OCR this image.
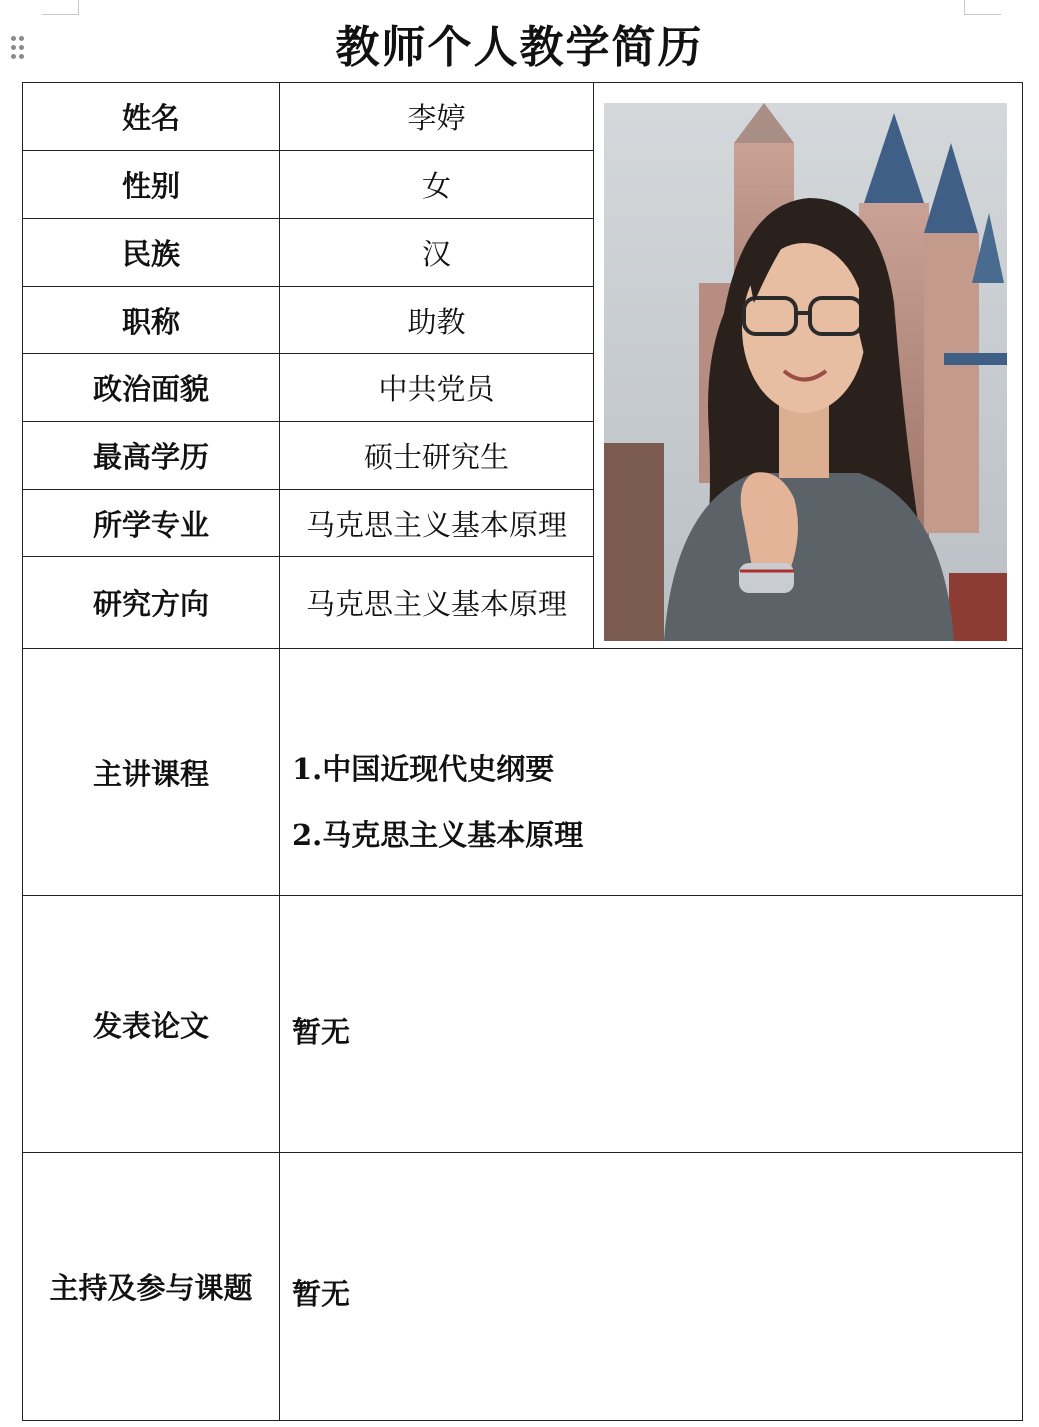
教师个人教学简历
姓名	李婷	

性别	女	
民族	汉	
职称	助教	
政治面貌	中共党员	
最高学历	硕士研究生	
所学专业	马克思主义基本原理	
研究方向	马克思主义基本原理	
主讲课程	1.中国近现代史纲要
2.马克思主义基本原理	

发表论文	暂无	

主持及参与课题	暂无	
